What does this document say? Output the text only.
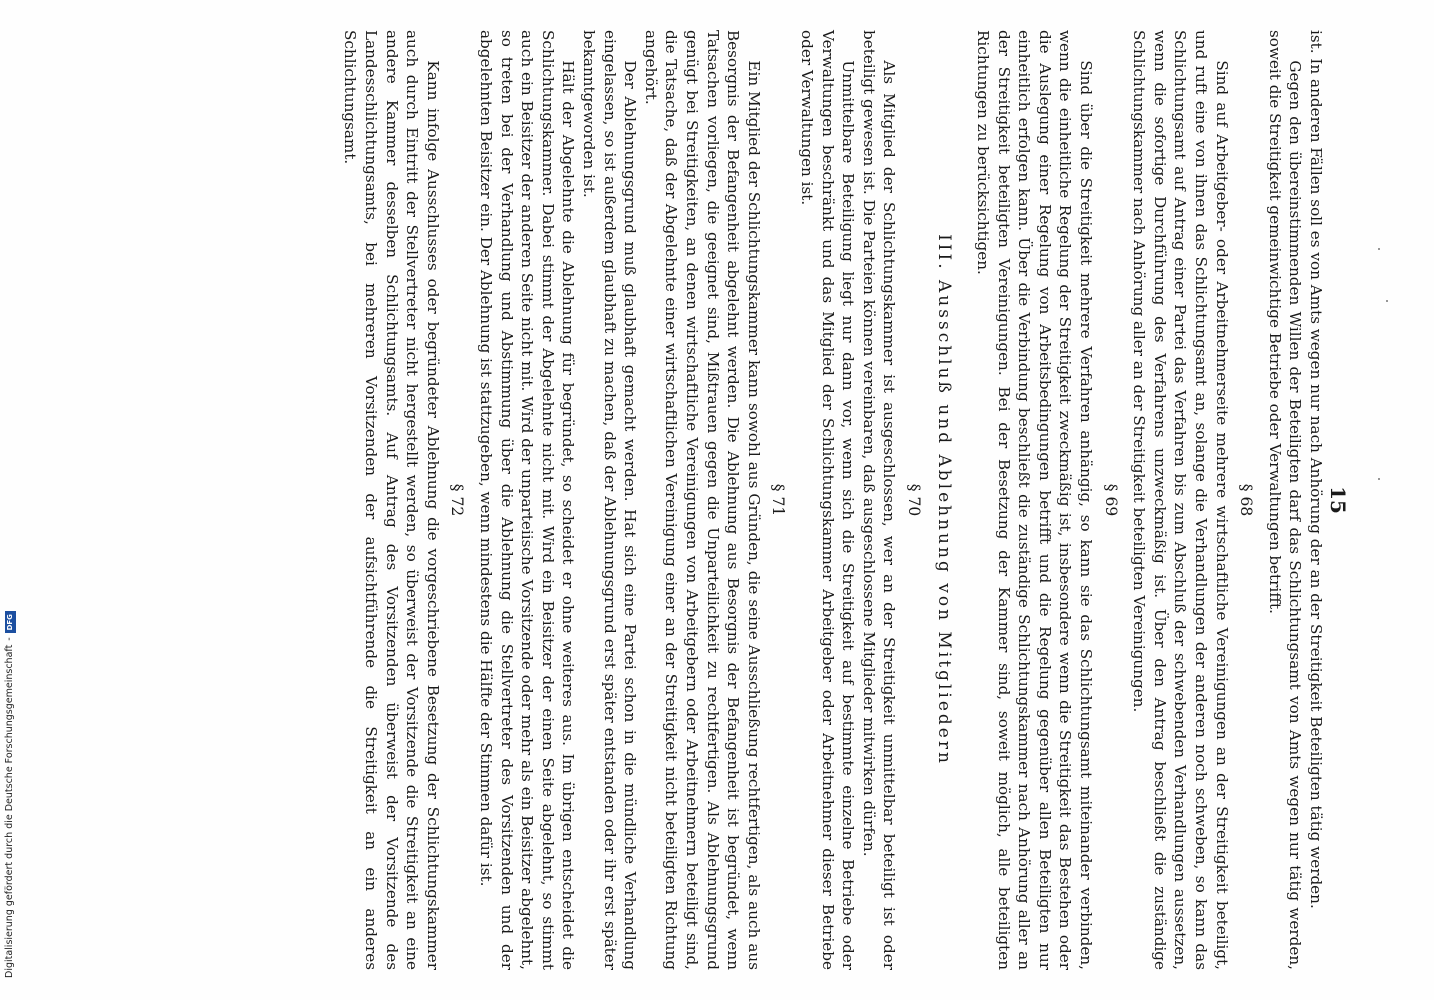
15
ist. In anderen Fällen soll es von Amts wegen nur nach Anhörung der an der Streitigkeit Beteiligten tätig werden.
Gegen den übereinstimmenden Willen der Beteiligten darf das Schlichtungsamt von Amts wegen nur tätig werden, soweit die Streitigkeit gemeinwichtige Betriebe oder Verwaltungen betrifft.
§ 68
Sind auf Arbeitgeber- oder Arbeitnehmerseite mehrere wirtschaftliche Vereinigungen an der Streitigkeit beteiligt, und ruft eine von ihnen das Schlichtungsamt an, solange die Verhandlungen der anderen noch schweben, so kann das Schlichtungsamt auf Antrag einer Partei das Verfahren bis zum Abschluß der schwebenden Verhandlungen aussetzen, wenn die sofortige Durchführung des Verfahrens unzweckmäßig ist. Über den Antrag beschließt die zuständige Schlichtungskammer nach Anhörung aller an der Streitigkeit beteiligten Vereinigungen.
§ 69
Sind über die Streitigkeit mehrere Verfahren anhängig, so kann sie das Schlichtungsamt miteinander verbinden, wenn die einheitliche Regelung der Streitigkeit zweckmäßig ist, insbesondere wenn die Streitigkeit das Bestehen oder die Auslegung einer Regelung von Arbeitsbedingungen betrifft und die Regelung gegenüber allen Beteiligten nur einheitlich erfolgen kann. Über die Verbindung beschließt die zuständige Schlichtungskammer nach Anhörung aller an der Streitigkeit beteiligten Vereinigungen. Bei der Besetzung der Kammer sind, soweit möglich, alle beteiligten Richtungen zu berücksichtigen.
III. Ausschluß und Ablehnung von Mitgliedern
§ 70
Als Mitglied der Schlichtungskammer ist ausgeschlossen, wer an der Streitigkeit unmittelbar beteiligt ist oder beteiligt gewesen ist. Die Parteien können vereinbaren, daß ausgeschlossene Mitglieder mitwirken dürfen.
Unmittelbare Beteiligung liegt nur dann vor, wenn sich die Streitigkeit auf bestimmte einzelne Betriebe oder Verwaltungen beschränkt und das Mitglied der Schlichtungskammer Arbeitgeber oder Arbeitnehmer dieser Betriebe oder Verwaltungen ist.
§ 71
Ein Mitglied der Schlichtungskammer kann sowohl aus Gründen, die seine Ausschließung rechtfertigen, als auch aus Besorgnis der Befangenheit abgelehnt werden. Die Ablehnung aus Besorgnis der Befangenheit ist begründet, wenn Tatsachen vorliegen, die geeignet sind, Mißtrauen gegen die Unparteilichkeit zu rechtfertigen. Als Ablehnungsgrund genügt bei Streitigkeiten, an denen wirtschaftliche Vereinigungen von Arbeitgebern oder Arbeitnehmern beteiligt sind, die Tatsache, daß der Abgelehnte einer wirtschaftlichen Vereinigung einer an der Streitigkeit nicht beteiligten Richtung angehört.
Der Ablehnungsgrund muß glaubhaft gemacht werden. Hat sich eine Partei schon in die mündliche Verhandlung eingelassen, so ist außerdem glaubhaft zu machen, daß der Ablehnungsgrund erst später entstanden oder ihr erst später bekanntgeworden ist.
Hält der Abgelehnte die Ablehnung für begründet, so scheidet er ohne weiteres aus. Im übrigen entscheidet die Schlichtungskammer. Dabei stimmt der Abgelehnte nicht mit. Wird ein Beisitzer der einen Seite abgelehnt, so stimmt auch ein Beisitzer der anderen Seite nicht mit. Wird der unparteiische Vorsitzende oder mehr als ein Beisitzer abgelehnt, so treten bei der Verhandlung und Abstimmung über die Ablehnung die Stellvertreter des Vorsitzenden und der abgelehnten Beisitzer ein. Der Ablehnung ist stattzugeben, wenn mindestens die Hälfte der Stimmen dafür ist.
§ 72
Kann infolge Ausschlusses oder begründeter Ablehnung die vorgeschriebene Besetzung der Schlichtungskammer auch durch Eintritt der Stellvertreter nicht hergestellt werden, so überweist der Vorsitzende die Streitigkeit an eine andere Kammer desselben Schlichtungsamts. Auf Antrag des Vorsitzenden überweist der Vorsitzende des Landesschlichtungsamts, bei mehreren Vorsitzenden der aufsichtführende die Streitigkeit an ein anderes Schlichtungsamt.
Digitalisierung gefördert durch die Deutsche Forschungsgemeinschaft
-
DFG
